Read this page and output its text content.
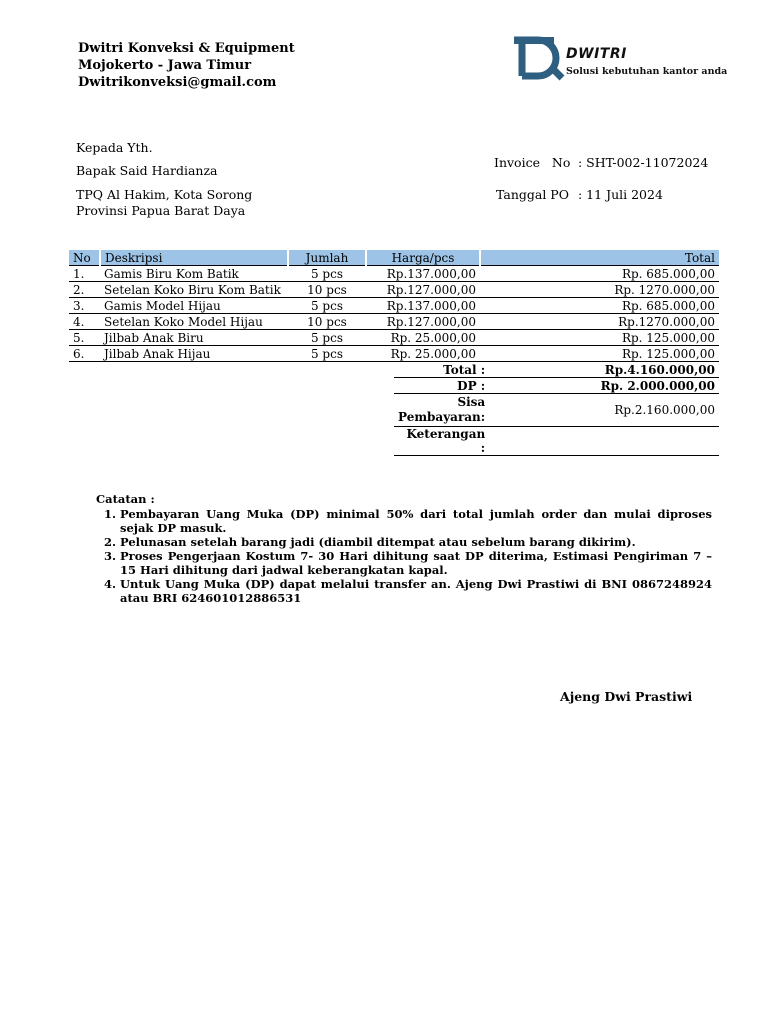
Dwitri Konveksi & Equipment
Mojokerto - Jawa Timur
Dwitrikonveksi@gmail.com
DWITRI
Solusi kebutuhan kantor anda
Kepada Yth.
Bapak Said Hardianza
TPQ Al Hakim, Kota Sorong
Provinsi Papua Barat Daya
Invoice   No : SHT-002-11072024
Tanggal PO : 11 Juli 2024
No	Deskripsi	Jumlah	Harga/pcs	Total
1.	Gamis Biru Kom Batik	5 pcs	Rp.137.000,00	Rp. 685.000,00
2.	Setelan Koko Biru Kom Batik	10 pcs	Rp.127.000,00	Rp. 1270.000,00
3.	Gamis Model Hijau	5 pcs	Rp.137.000,00	Rp. 685.000,00
4.	Setelan Koko Model Hijau	10 pcs	Rp.127.000,00	Rp.1270.000,00
5.	Jilbab Anak Biru	5 pcs	Rp. 25.000,00	Rp. 125.000,00
6.	Jilbab Anak Hijau	5 pcs	Rp. 25.000,00	Rp. 125.000,00
Total :	Rp.4.160.000,00
DP :	Rp. 2.000.000,00

Sisa
Pembayaran:	Rp.2.160.000,00
Keterangan :	
Catatan :
1. Pembayaran Uang Muka (DP) minimal 50% dari total jumlah order dan mulai diproses sejak DP masuk.
2. Pelunasan setelah barang jadi (diambil ditempat atau sebelum barang dikirim).
3. Proses Pengerjaan Kostum 7- 30 Hari dihitung saat DP diterima, Estimasi Pengiriman 7 – 15 Hari dihitung dari jadwal keberangkatan kapal.
4. Untuk Uang Muka (DP) dapat melalui transfer an. Ajeng Dwi Prastiwi di BNI 0867248924 atau BRI 624601012886531
Ajeng Dwi Prastiwi
